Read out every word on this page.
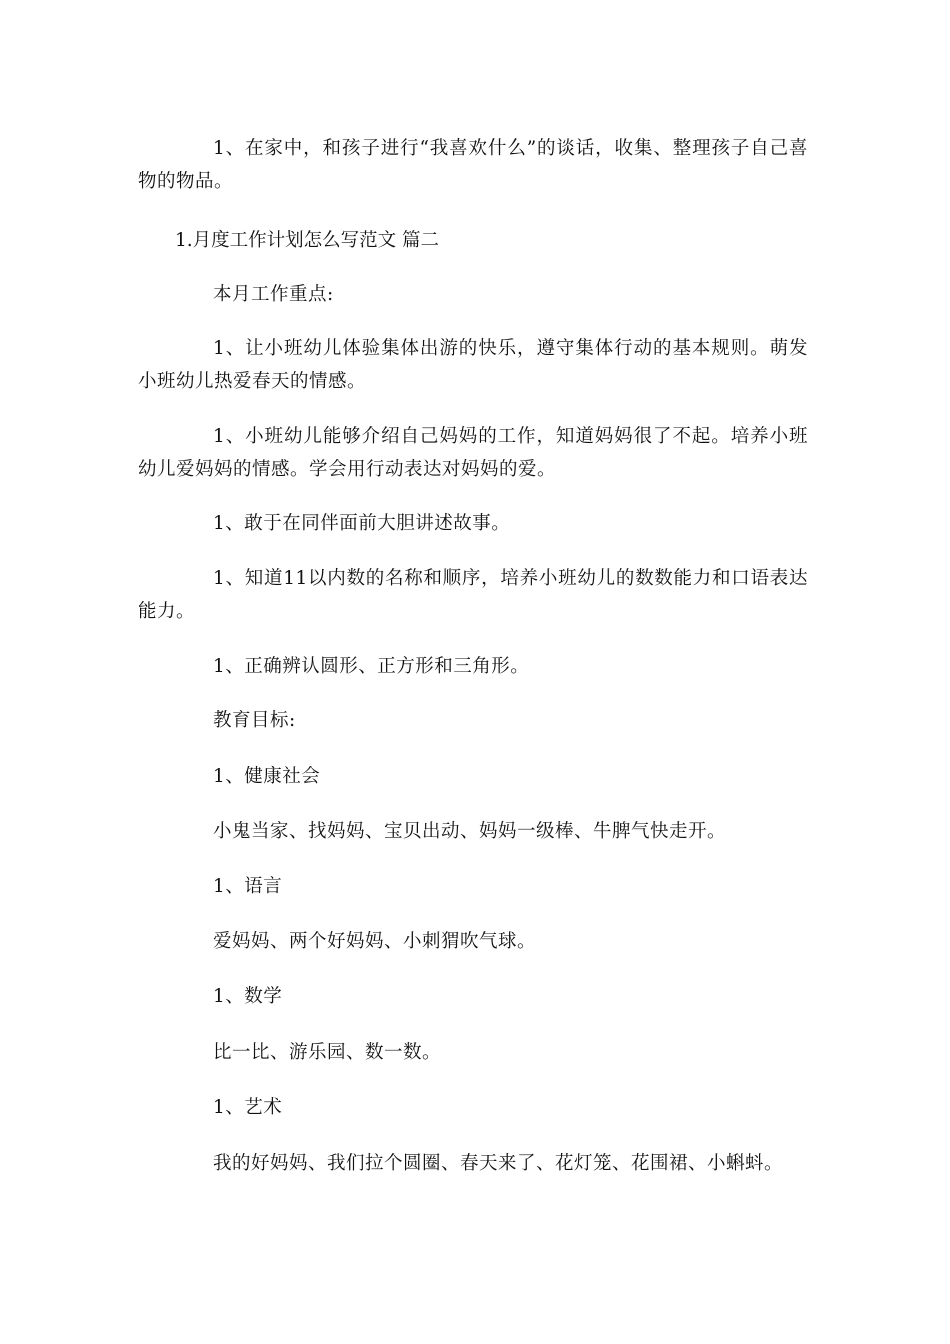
1、在家中，和孩子进行“我喜欢什么”的谈话，收集、整理孩子自己喜物的物品。

1.月度工作计划怎么写范文 篇二

本月工作重点:

1、让小班幼儿体验集体出游的快乐，遵守集体行动的基本规则。萌发小班幼儿热爱春天的情感。

1、小班幼儿能够介绍自己妈妈的工作，知道妈妈很了不起。培养小班幼儿爱妈妈的情感。学会用行动表达对妈妈的爱。

1、敢于在同伴面前大胆讲述故事。

1、知道11以内数的名称和顺序，培养小班幼儿的数数能力和口语表达能力。

1、正确辨认圆形、正方形和三角形。

教育目标:

1、健康社会

小鬼当家、找妈妈、宝贝出动、妈妈一级棒、牛脾气快走开。

1、语言

爱妈妈、两个好妈妈、小刺猬吹气球。

1、数学

比一比、游乐园、数一数。

1、艺术

我的好妈妈、我们拉个圆圈、春天来了、花灯笼、花围裙、小蝌蚪。
